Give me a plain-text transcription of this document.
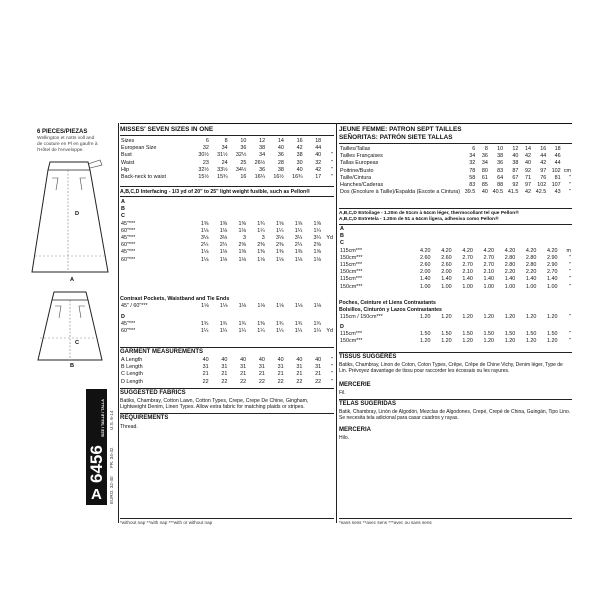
6 PIECES/PIEZAS
Wellington et notts voll and
de couture en Pl en gaufre à
l'Hôtel de l'enveloppe.
D
A
C
B
6456
SIZE / TAILLE / TALLA
A
U.S. 6-14
FR. 34-42
EURO. 32-40
MISSES' SEVEN SIZES IN ONE
Sizes	6	8	10	12	14	16	18	
European Size	32	34	36	38	40	42	44	
Bust	30½	31½	32½	34	36	38	40	"
Waist	23	24	25	26½	28	30	32	"
Hip	32½	33½	34½	36	38	40	42	"
Back-neck to waist	15½	15¾	16	16¼	16½	16¾	17	"
A,B,C,D Interfacing - 1/3 yd of 20" to 25" light weight fusible, such as Pellon®
A								
B								
C								
45"***	1⅜	1⅜	1⅜	1¾	1⅝	1⅝	1⅝	
60"***	1⅛	1⅛	1⅛	1¼	1¼	1¼	1¼	
45"***	3⅛	3⅛	3	3	3⅛	3¼	3¼	Yd
60"***	2¼	2¼	2⅜	2⅜	2⅜	2¼	2⅜	
45"***	1⅛	1⅛	1⅜	1⅜	1⅜	1⅜	1⅝	
60"***	1⅛	1⅛	1⅛	1⅛	1⅛	1⅛	1⅛	
Contrast Pockets, Waistband and Tie Ends
45" / 60"***	1⅛	1⅛	1⅛	1⅛	1⅛	1⅛	1⅛	
D								
45"***	1¾	1¾	1¾	1⅜	1¾	1¾	1¾	
60"***	1¼	1¼	1¼	1¼	1¼	1¼	1¼	Yd
GARMENT MEASUREMENTS
A Length	40	40	40	40	40	40	40	"
B Length	31	31	31	31	31	31	31	"
C Length	21	21	21	21	21	21	21	"
D Length	22	22	22	22	22	22	22	"
SUGGESTED FABRICS
Batiks, Chambray, Cotton Lawn, Cotton Types, Crepe, Crepe De Chine, Gingham, Lightweight Denim, Linen Types. Allow extra fabric for matching plaids or stripes.
REQUIREMENTS
Thread.
*without nap **with nap ***with or without nap
JEUNE FEMME: PATRON SEPT TAILLES
SEÑORITAS: PATRÓN SIETE TALLAS
Tailles/Tallas	6	8	10	12	14	16	18	
Tailles Françaises	34	36	38	40	42	44	46	
Tallas Europeas	32	34	36	38	40	42	44	
Poitrine/Busto	78	80	83	87	92	97	102	cm
Taille/Cintura	58	61	64	67	71	76	81	"
Hanches/Caderas	83	85	88	92	97	102	107	"
Dos (Encolure à Taille)/Espalda (Escote a Cintura)	39.5	40	40.5	41.5	42	42.5	43	"
A,B,C,D Entoilage - 1.20m de 51cm à 64cm léger, thermocollant tel que Pellon®
A,B,C,D Entretela - 1.20m de 51 a 64cm ligera, adhesiva como Pellon®
A								
B								
C								
115cm***	4.20	4.20	4.20	4.20	4.20	4.20	4.20	m
150cm***	2.60	2.60	2.70	2.70	2.80	2.80	2.90	"
115cm***	2.60	2.60	2.70	2.70	2.80	2.80	2.90	"
150cm***	2.00	2.00	2.10	2.10	2.20	2.20	2.70	"
115cm***	1.40	1.40	1.40	1.40	1.40	1.40	1.40	"
150cm***	1.00	1.00	1.00	1.00	1.00	1.00	1.00	"
Poches, Ceinture et Liens Contrastants
Bolsillos, Cinturón y Lazos Contrastantes
115cm / 150cm***	1.20	1.20	1.20	1.20	1.20	1.20	1.20	"
D								
115cm***	1.50	1.50	1.50	1.50	1.50	1.50	1.50	"
150cm***	1.20	1.20	1.20	1.20	1.20	1.20	1.20	"
TISSUS SUGGÉRÉS
Batiks, Chambray, Linon de Coton, Coton Types, Crêpe, Crêpe de Chine Vichy, Denim léger, Type de Lin. Prévoyez davantage de tissu pour raccorder les écossais ou les rayures.
MERCERIE
Fil.
TELAS SUGERIDAS
Batik, Chambray, Linón de Algodón, Mezclas de Algodones, Crepé, Crepé de China, Guingán, Tipo Lino. Se necesita tela adicional para casar cuadros y rayas.
MERCERIA
Hilo.
*sans sens **avec sens ***avec ou sans sens
